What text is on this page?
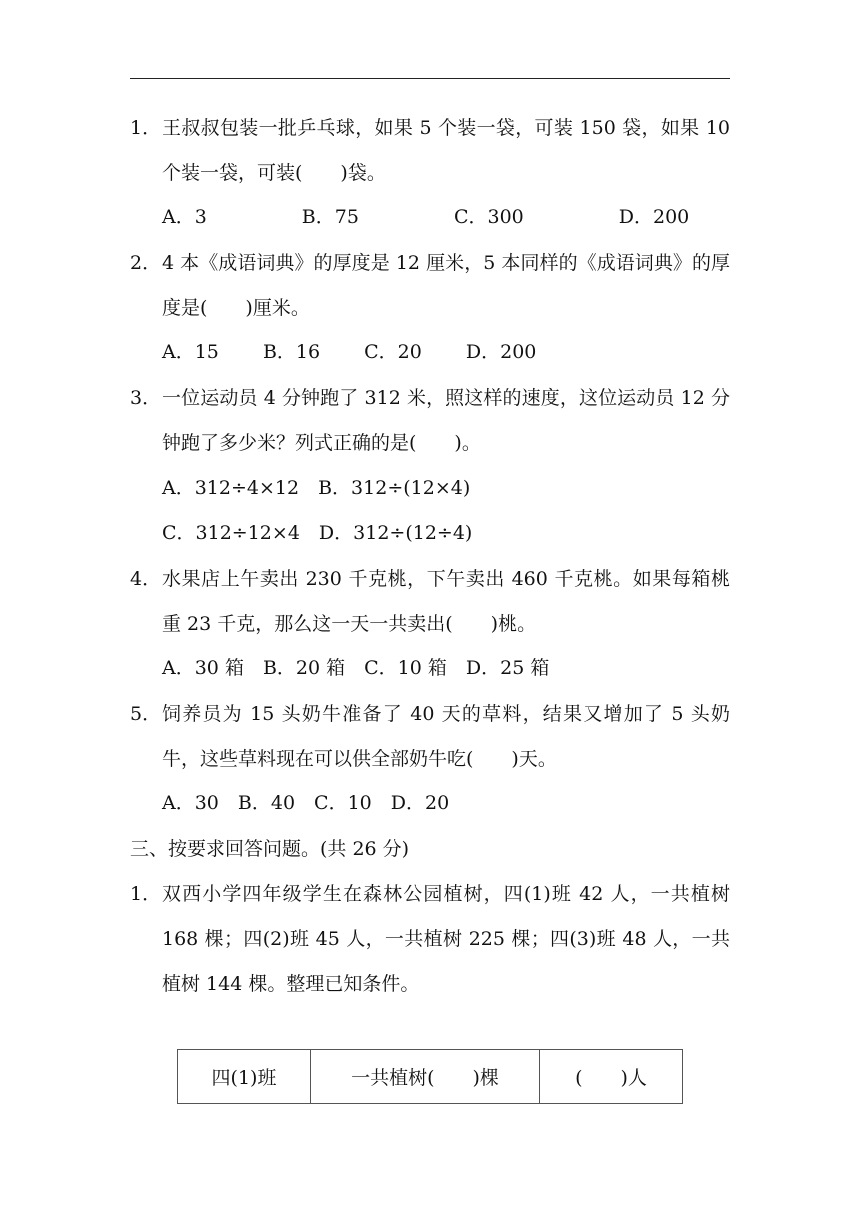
1． 王叔叔包装一批乒乓球，如果 5 个装一袋，可装 150 袋，如果 10 个装一袋，可装(　　)袋。
A．3　　　　　B．75　　　　　C．300　　　　　D．200
2． 4 本《成语词典》的厚度是 12 厘米，5 本同样的《成语词典》的厚度是(　　)厘米。
A．15　　 B．16　　 C．20　　 D．200
3． 一位运动员 4 分钟跑了 312 米，照这样的速度，这位运动员 12 分钟跑了多少米？列式正确的是(　　)。
A．312÷4×12　B．312÷(12×4)
C．312÷12×4　D．312÷(12÷4)
4． 水果店上午卖出 230 千克桃，下午卖出 460 千克桃。如果每箱桃重 23 千克，那么这一天一共卖出(　　)桃。
A．30 箱　B．20 箱　C．10 箱　D．25 箱
5． 饲养员为 15 头奶牛准备了 40 天的草料，结果又增加了 5 头奶牛，这些草料现在可以供全部奶牛吃(　　)天。
A．30　B．40　C．10　D．20
三、按要求回答问题。(共 26 分)
1． 双西小学四年级学生在森林公园植树，四(1)班 42 人，一共植树 168 棵；四(2)班 45 人，一共植树 225 棵；四(3)班 48 人，一共植树 144 棵。整理已知条件。
四(1)班	一共植树(　　)棵	(　　)人
